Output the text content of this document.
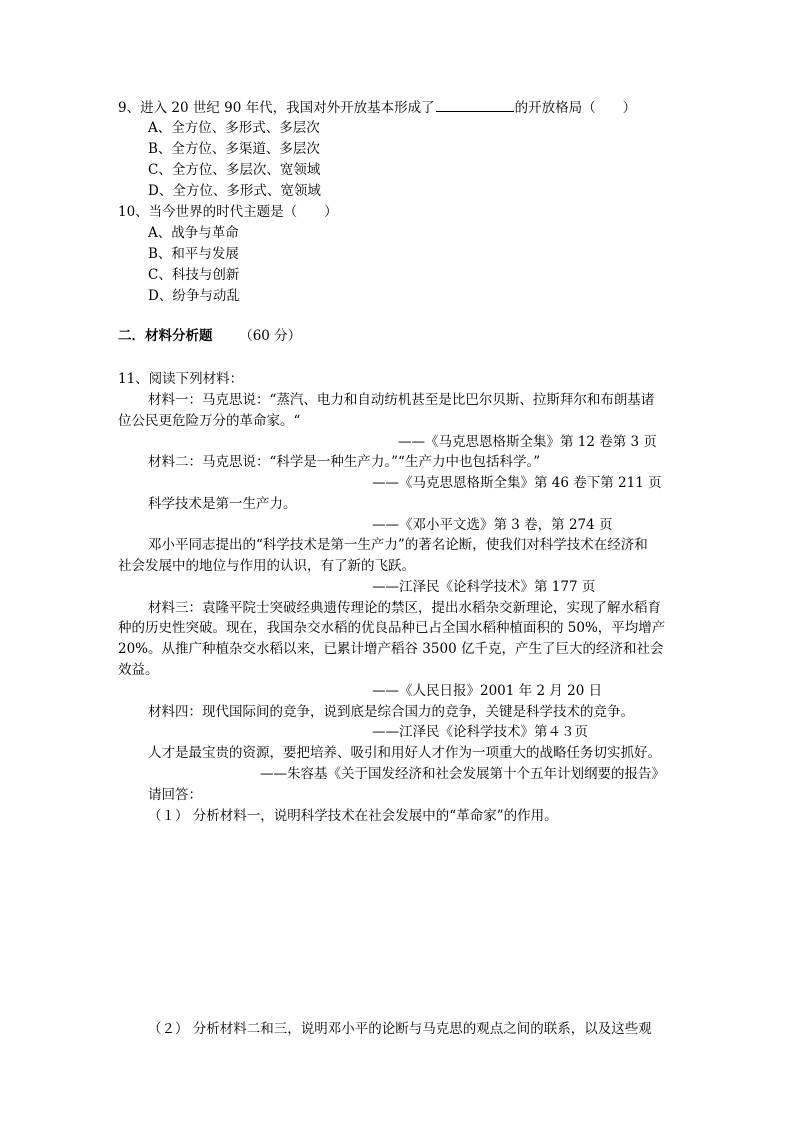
9、进入 20 世纪 90 年代，我国对外开放基本形成了	的开放格局（　　）
A、全方位、多形式、多层次
B、全方位、多渠道、多层次
C、全方位、多层次、宽领域
D、全方位、多形式、宽领域
10、当今世界的时代主题是（　　）
A、战争与革命
B、和平与发展
C、科技与创新
D、纷争与动乱
二．材料分析题 （60 分）
11、阅读下列材料：
材料一：马克思说：“蒸汽、电力和自动纺机甚至是比巴尔贝斯、拉斯拜尔和布朗基诸
位公民更危险万分的革命家。“
——《马克思恩格斯全集》第 12 卷第 3 页
材料二：马克思说：“科学是一种生产力。”“生产力中也包括科学。”
——《马克思恩格斯全集》第 46 卷下第 211 页
科学技术是第一生产力。
——《邓小平文选》第 3 卷，第 274 页
邓小平同志提出的“科学技术是第一生产力”的著名论断，使我们对科学技术在经济和
社会发展中的地位与作用的认识，有了新的飞跃。
——江泽民《论科学技术》第 177 页
材料三：袁隆平院士突破经典遗传理论的禁区，提出水稻杂交新理论，实现了解水稻育
种的历史性突破。现在，我国杂交水稻的优良品种已占全国水稻种植面积的 50%，平均增产
20%。从推广种植杂交水稻以来，已累计增产稻谷 3500 亿千克，产生了巨大的经济和社会
效益。
——《人民日报》2001 年 2 月 20 日
材料四：现代国际间的竞争，说到底是综合国力的竞争，关键是科学技术的竞争。
——江泽民《论科学技术》第４３页
人才是最宝贵的资源，要把培养、吸引和用好人才作为一项重大的战略任务切实抓好。
——朱容基《关于国发经济和社会发展第十个五年计划纲要的报告》
请回答：
（１） 分析材料一，说明科学技术在社会发展中的“革命家”的作用。
（２） 分析材料二和三，说明邓小平的论断与马克思的观点之间的联系，以及这些观
